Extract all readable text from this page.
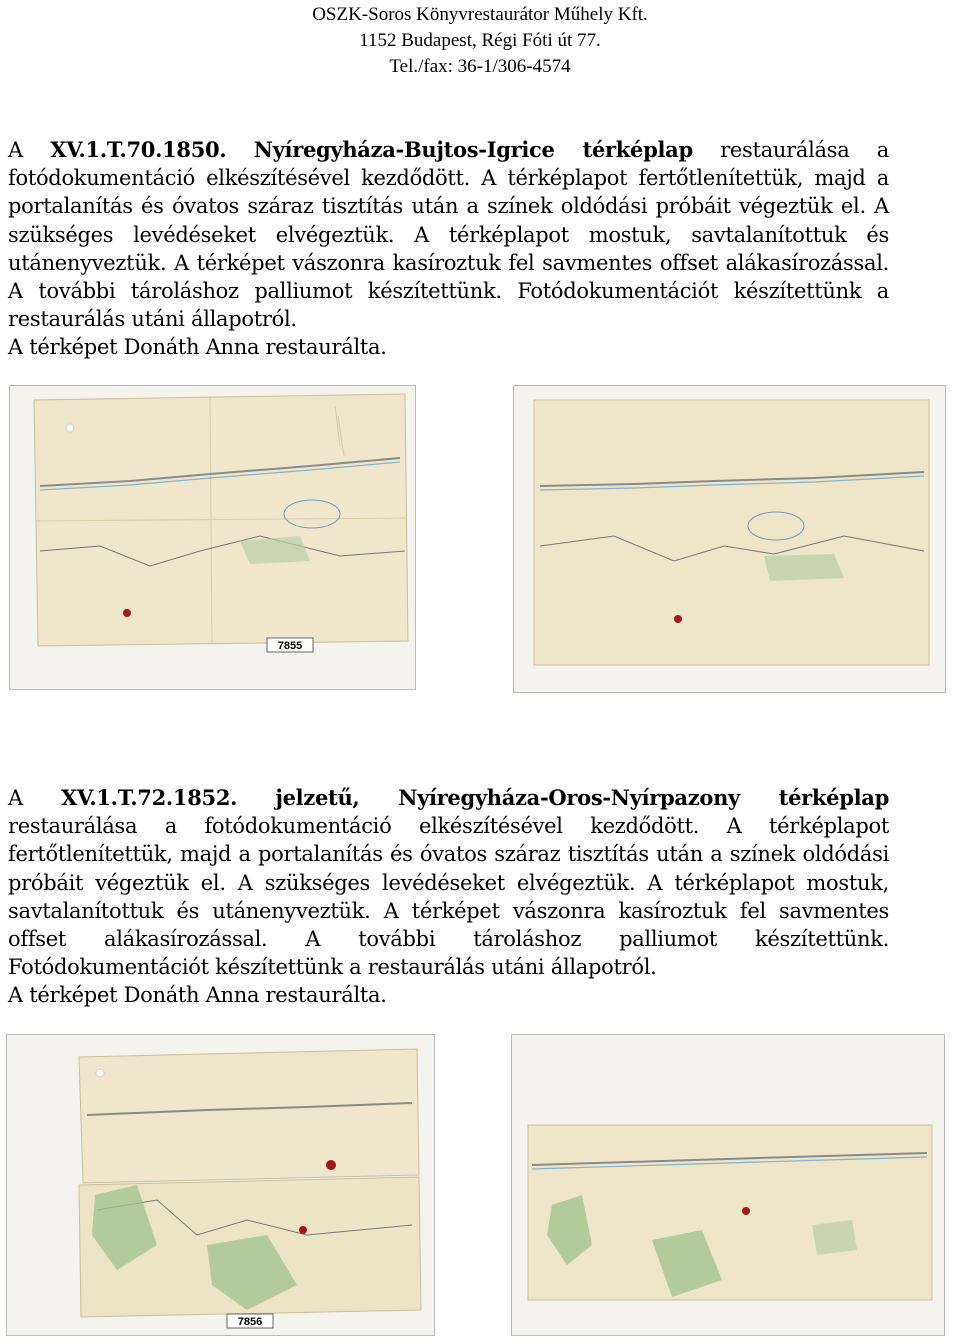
OSZK-Soros Könyvrestaurátor Műhely Kft.
1152 Budapest, Régi Fóti út 77.
Tel./fax: 36-1/306-4574
A XV.1.T.70.1850. Nyíregyháza-Bujtos-Igrice térképlap restaurálása a
fotódokumentáció elkészítésével kezdődött. A térképlapot fertőtlenítettük, majd a
portalanítás és óvatos száraz tisztítás után a színek oldódási próbáit végeztük el. A
szükséges levédéseket elvégeztük. A térképlapot mostuk, savtalanítottuk és
utánenyveztük. A térképet vászonra kasíroztuk fel savmentes offset alákasírozással.
A további tároláshoz palliumot készítettünk. Fotódokumentációt készítettünk a
restaurálás utáni állapotról.
A térképet Donáth Anna restaurálta.
7855
A XV.1.T.72.1852. jelzetű, Nyíregyháza-Oros-Nyírpazony térképlap
restaurálása a fotódokumentáció elkészítésével kezdődött. A térképlapot
fertőtlenítettük, majd a portalanítás és óvatos száraz tisztítás után a színek oldódási
próbáit végeztük el. A szükséges levédéseket elvégeztük. A térképlapot mostuk,
savtalanítottuk és utánenyveztük. A térképet vászonra kasíroztuk fel savmentes
offset alákasírozással. A további tároláshoz palliumot készítettünk.
Fotódokumentációt készítettünk a restaurálás utáni állapotról.
A térképet Donáth Anna restaurálta.
7856
